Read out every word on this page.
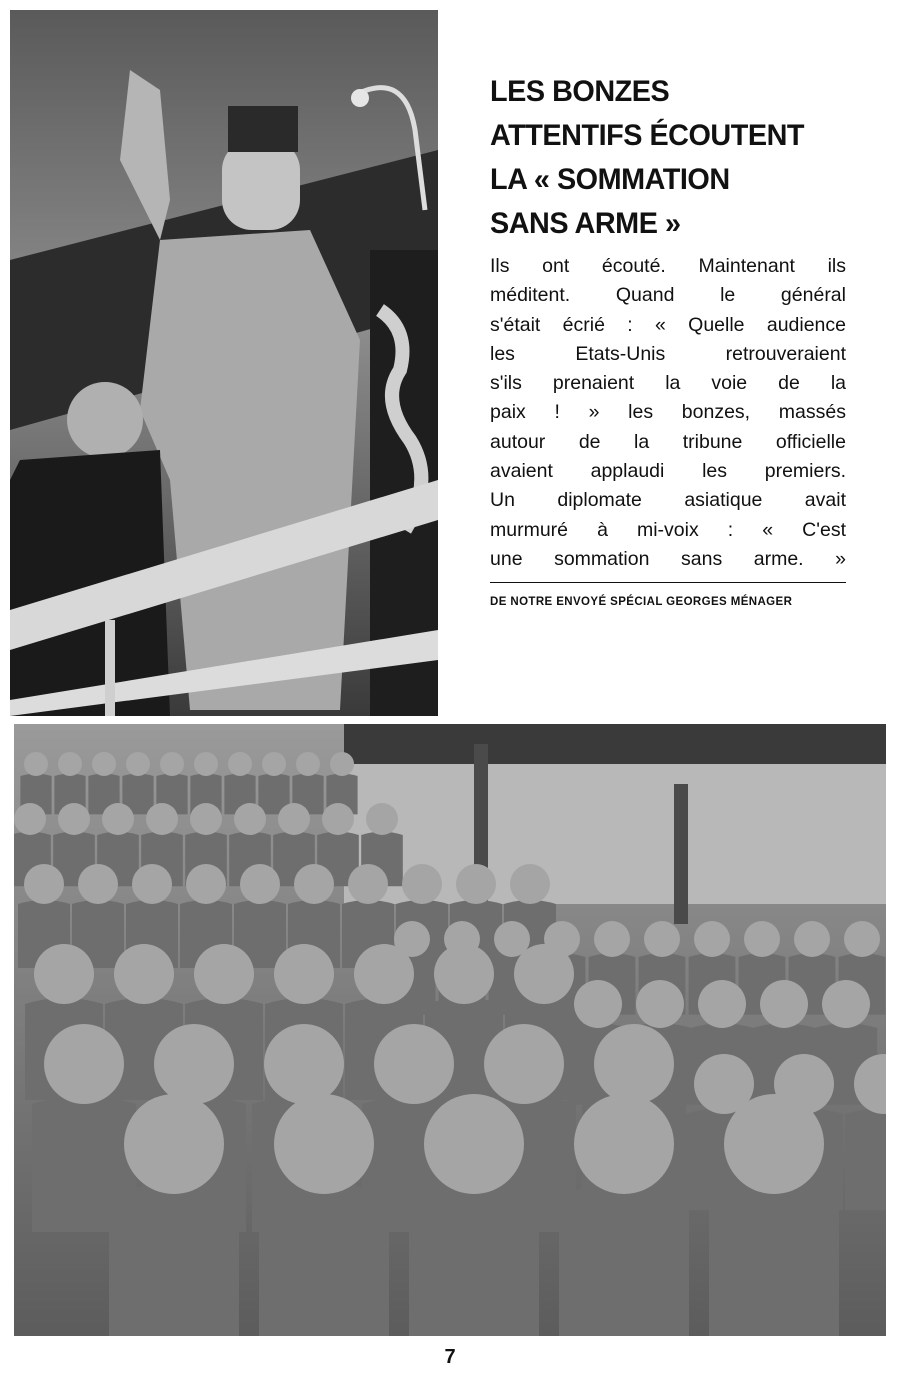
LES BONZES
ATTENTIFS ÉCOUTENT
LA « SOMMATION
SANS ARME »
Ils ont écouté. Maintenant ils
méditent. Quand le général
s'était écrié : « Quelle audience
les Etats-Unis retrouveraient
s'ils prenaient la voie de la
paix ! » les bonzes, massés
autour de la tribune officielle
avaient applaudi les premiers.
Un diplomate asiatique avait
murmuré à mi-voix : « C'est
une sommation sans arme. »
DE NOTRE ENVOYÉ SPÉCIAL GEORGES MÉNAGER
7
